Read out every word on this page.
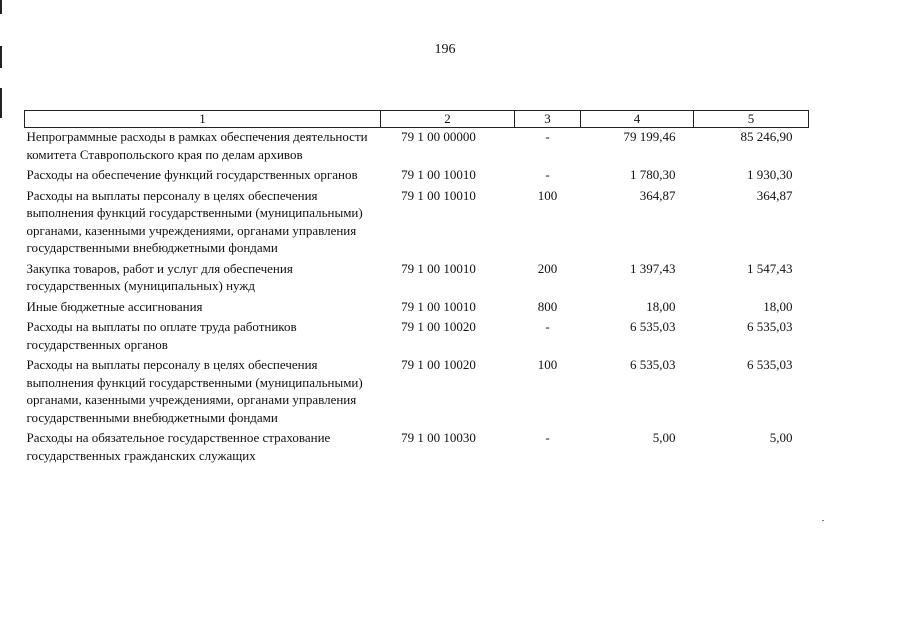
196
1	2	3	4	5
Непрограммные расходы в рамках обеспечения деятельности комитета Ставропольского края по делам архивов	79 1 00 00000	-	79 199,46	85 246,90
Расходы на обеспечение функций государственных органов	79 1 00 10010	-	1 780,30	1 930,30
Расходы на выплаты персоналу в целях обеспечения выполнения функций государственными (муниципальными) органами, казенными учреждениями, органами управления государственными внебюджетными фондами	79 1 00 10010	100	364,87	364,87
Закупка товаров, работ и услуг для обеспечения государственных (муниципальных) нужд	79 1 00 10010	200	1 397,43	1 547,43
Иные бюджетные ассигнования	79 1 00 10010	800	18,00	18,00
Расходы на выплаты по оплате труда работников государственных органов	79 1 00 10020	-	6 535,03	6 535,03
Расходы на выплаты персоналу в целях обеспечения выполнения функций государственными (муниципальными) органами, казенными учреждениями, органами управления государственными внебюджетными фондами	79 1 00 10020	100	6 535,03	6 535,03
Расходы на обязательное государственное страхование государственных гражданских служащих	79 1 00 10030	-	5,00	5,00
